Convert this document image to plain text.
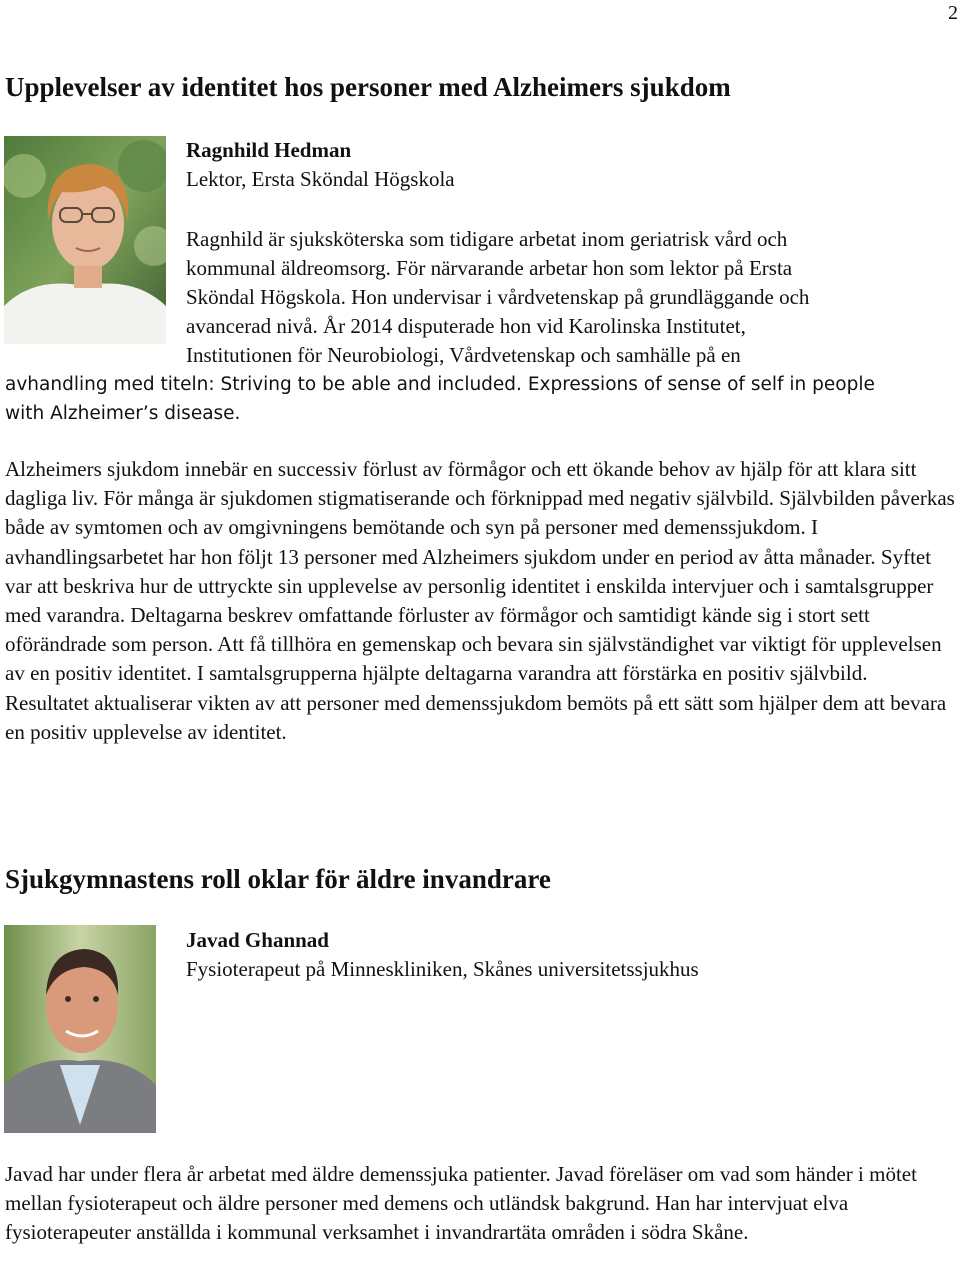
2
Upplevelser av identitet hos personer med Alzheimers sjukdom

Ragnhild Hedman

Lektor, Ersta Sköndal Högskola

Ragnhild är sjuksköterska som tidigare arbetat inom geriatrisk vård och

kommunal äldreomsorg. För närvarande arbetar hon som lektor på Ersta

Sköndal Högskola. Hon undervisar i vårdvetenskap på grundläggande och

avancerad nivå. År 2014 disputerade hon vid Karolinska Institutet,

Institutionen för Neurobiologi, Vårdvetenskap och samhälle på en

avhandling med titeln: Striving to be able and included. Expressions of sense of self in people

with Alzheimer’s disease.

Alzheimers sjukdom innebär en successiv förlust av förmågor och ett ökande behov av hjälp för att klara sitt dagliga liv. För många är sjukdomen stigmatiserande och förknippad med negativ självbild. Självbilden påverkas både av symtomen och av omgivningens bemötande och syn på personer med demenssjukdom. I avhandlingsarbetet har hon följt 13 personer med Alzheimers sjukdom under en period av åtta månader. Syftet var att beskriva hur de uttryckte sin upplevelse av personlig identitet i enskilda intervjuer och i samtalsgrupper med varandra. Deltagarna beskrev omfattande förluster av förmågor och samtidigt kände sig i stort sett oförändrade som person. Att få tillhöra en gemenskap och bevara sin självständighet var viktigt för upplevelsen av en positiv identitet. I samtalsgrupperna hjälpte deltagarna varandra att förstärka en positiv självbild. Resultatet aktualiserar vikten av att personer med demenssjukdom bemöts på ett sätt som hjälper dem att bevara en positiv upplevelse av identitet.

Sjukgymnastens roll oklar för äldre invandrare

Javad Ghannad

Fysioterapeut på Minneskliniken, Skånes universitetssjukhus

Javad har under flera år arbetat med äldre demenssjuka patienter. Javad föreläser om vad som händer i mötet mellan fysioterapeut och äldre personer med demens och utländsk bakgrund. Han har intervjuat elva fysioterapeuter anställda i kommunal verksamhet i invandrartäta områden i södra Skåne.
